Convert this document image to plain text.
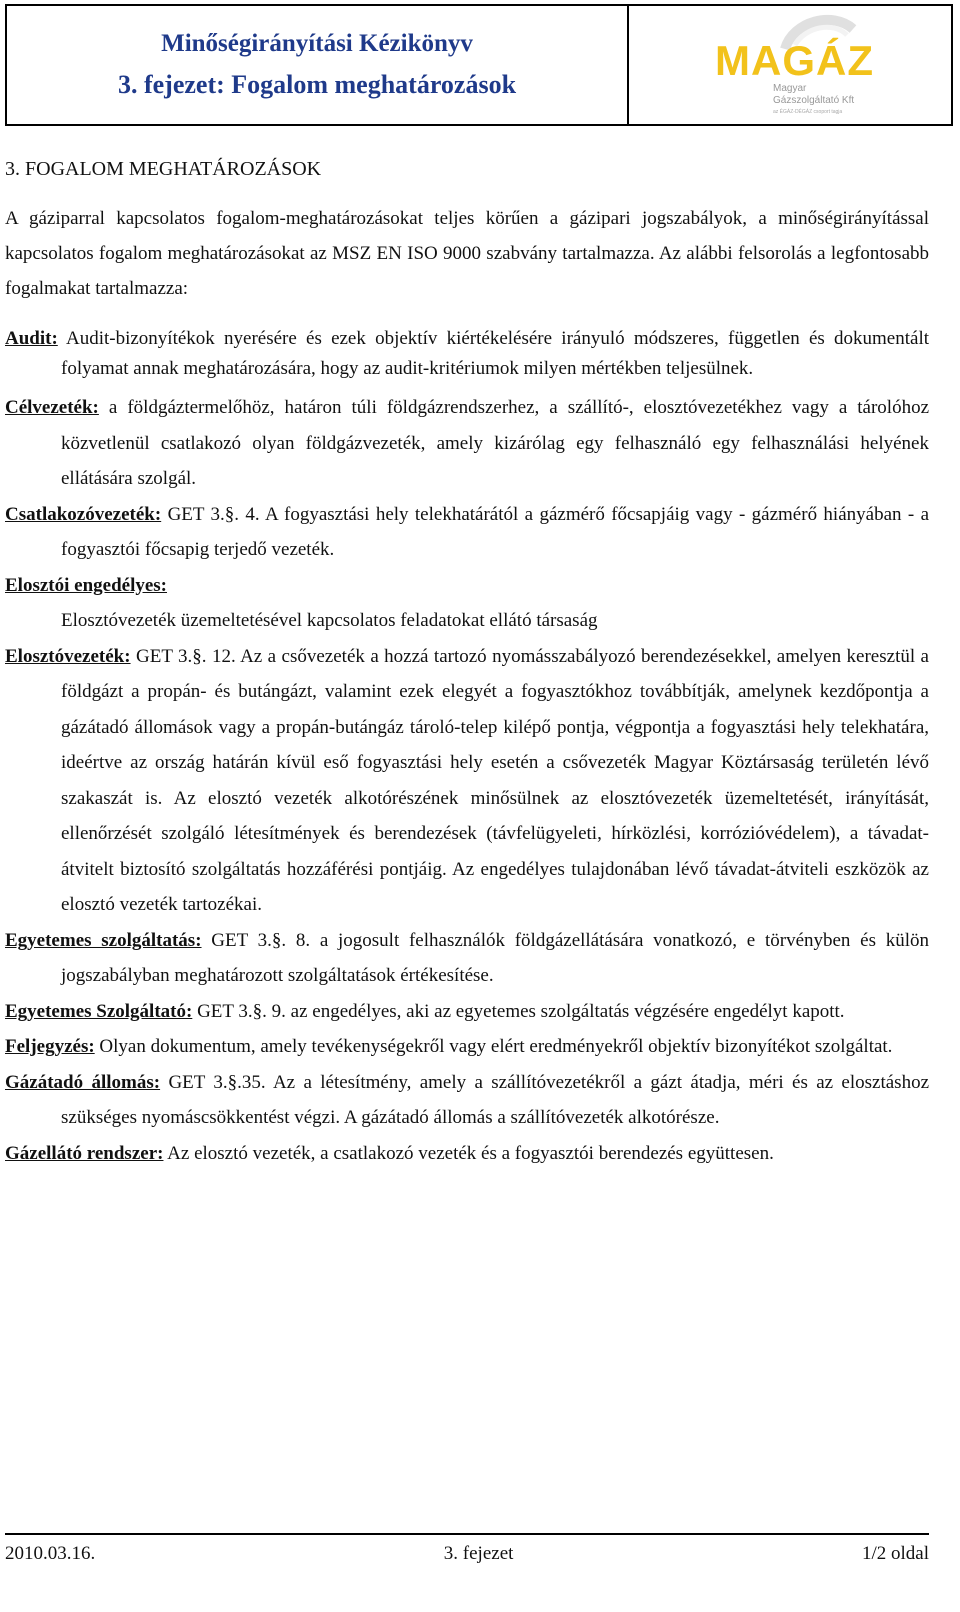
Minőségirányítási Kézikönyv
3. fejezet: Fogalom meghatározások
MAGÁZ
Magyar Gázszolgáltató Kft
az ÉGÁZ-DÉGÁZ csoport tagja
3. FOGALOM MEGHATÁROZÁSOK

A gáziparral kapcsolatos fogalom-meghatározásokat teljes körűen a gázipari jogszabályok, a minőségirányítással kapcsolatos fogalom meghatározásokat az MSZ EN ISO 9000 szabvány tartalmazza. Az alábbi felsorolás a legfontosabb fogalmakat tartalmazza:

Audit: Audit-bizonyítékok nyerésére és ezek objektív kiértékelésére irányuló módszeres, független és dokumentált folyamat annak meghatározására, hogy az audit-kritériumok milyen mértékben teljesülnek.

Célvezeték: a földgáztermelőhöz, határon túli földgázrendszerhez, a szállító-, elosztóvezetékhez vagy a tárolóhoz közvetlenül csatlakozó olyan földgázvezeték, amely kizárólag egy felhasználó egy felhasználási helyének ellátására szolgál.

Csatlakozóvezeték: GET 3.§. 4. A fogyasztási hely telekhatárától a gázmérő főcsapjáig vagy - gázmérő hiányában - a fogyasztói főcsapig terjedő vezeték.

Elosztói engedélyes:
Elosztóvezeték üzemeltetésével kapcsolatos feladatokat ellátó társaság

Elosztóvezeték: GET 3.§. 12. Az a csővezeték a hozzá tartozó nyomásszabályozó berendezésekkel, amelyen keresztül a földgázt a propán- és butángázt, valamint ezek elegyét a fogyasztókhoz továbbítják, amelynek kezdőpontja a gázátadó állomások vagy a propán-butángáz tároló-telep kilépő pontja, végpontja a fogyasztási hely telekhatára, ideértve az ország határán kívül eső fogyasztási hely esetén a csővezeték Magyar Köztársaság területén lévő szakaszát is. Az elosztó vezeték alkotórészének minősülnek az elosztóvezeték üzemeltetését, irányítását, ellenőrzését szolgáló létesítmények és berendezések (távfelügyeleti, hírközlési, korrózióvédelem), a távadat-átvitelt biztosító szolgáltatás hozzáférési pontjáig. Az engedélyes tulajdonában lévő távadat-átviteli eszközök az elosztó vezeték tartozékai.

Egyetemes szolgáltatás: GET 3.§. 8. a jogosult felhasználók földgázellátására vonatkozó, e törvényben és külön jogszabályban meghatározott szolgáltatások értékesítése.

Egyetemes Szolgáltató: GET 3.§. 9. az engedélyes, aki az egyetemes szolgáltatás végzésére engedélyt kapott.

Feljegyzés: Olyan dokumentum, amely tevékenységekről vagy elért eredményekről objektív bizonyítékot szolgáltat.

Gázátadó állomás: GET 3.§.35. Az a létesítmény, amely a szállítóvezetékről a gázt átadja, méri és az elosztáshoz szükséges nyomáscsökkentést végzi. A gázátadó állomás a szállítóvezeték alkotórésze.

Gázellátó rendszer: Az elosztó vezeték, a csatlakozó vezeték és a fogyasztói berendezés együttesen.

2010.03.16.	3. fejezet	1/2 oldal
